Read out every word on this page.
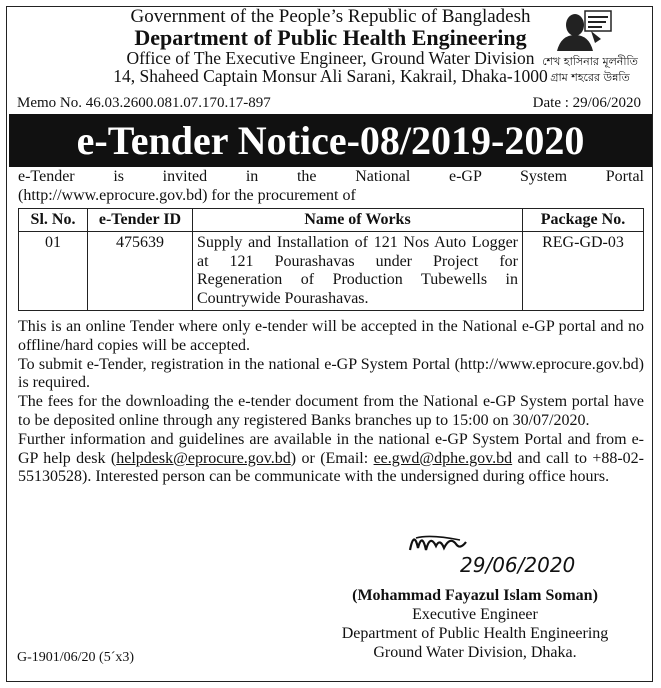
Government of the People’s Republic of Bangladesh
Department of Public Health Engineering
Office of The Executive Engineer, Ground Water Division
14, Shaheed Captain Monsur Ali Sarani, Kakrail, Dhaka-1000
শেখ হাসিনার মূলনীতি
গ্রাম শহরের উন্নতি
Memo No. 46.03.2600.081.07.170.17-897	Date : 29/06/2020
e-Tender Notice-08/2019-2020
e-Tender is invited in the National e-GP System Portal
(http://www.eprocure.gov.bd) for the procurement of
Sl. No.	e-Tender ID	Name of Works	Package No.
01	475639	Supply and Installation of 121 Nos Auto Logger at 121 Pourashavas under Project for Regeneration of Production Tubewells in Countrywide Pourashavas.	REG-GD-03

This is an online Tender where only e-tender will be accepted in the National e-GP portal and no offline/hard copies will be accepted.

To submit e-Tender, registration in the national e-GP System Portal (http://www.eprocure.gov.bd) is required.

The fees for the downloading the e-tender document from the National e-GP System portal have to be deposited online through any registered Banks branches up to 15:00 on 30/07/2020.

Further information and guidelines are available in the national e-GP System Portal and from e-GP help desk (helpdesk@eprocure.gov.bd) or (Email: ee.gwd@dphe.gov.bd and call to +88-02-55130528). Interested person can be communicate with the undersigned during office hours.

29/06/2020
(Mohammad Fayazul Islam Soman)
Executive Engineer
Department of Public Health Engineering
Ground Water Division, Dhaka.
G-1901/06/20 (5´x3)
